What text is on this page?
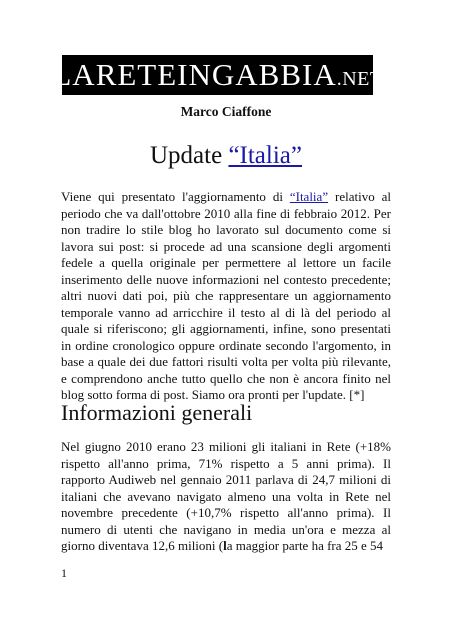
LARETEINGABBIA .NET
Marco Ciaffone
Update “Italia”

Viene qui presentato l'aggiornamento di “Italia” relativo al periodo che va dall'ottobre 2010 alla fine di febbraio 2012. Per non tradire lo stile blog ho lavorato sul documento come si lavora sui post: si procede ad una scansione degli argomenti fedele a quella originale per permettere al lettore un facile inserimento delle nuove informazioni nel contesto precedente; altri nuovi dati poi, più che rappresentare un aggiornamento temporale vanno ad arricchire il testo al di là del periodo al quale si riferiscono; gli aggiornamenti, infine, sono presentati in ordine cronologico oppure ordinate secondo l'argomento, in base a quale dei due fattori risulti volta per volta più rilevante, e comprendono anche tutto quello che non è ancora finito nel blog sotto forma di post. Siamo ora pronti per l'update. [*]

Informazioni generali

Nel giugno 2010 erano 23 milioni gli italiani in Rete (+18% rispetto all'anno prima, 71% rispetto a 5 anni prima). Il rapporto Audiweb nel gennaio 2011 parlava di 24,7 milioni di italiani che avevano navigato almeno una volta in Rete nel novembre precedente (+10,7% rispetto all'anno prima). Il numero di utenti che navigano in media un'ora e mezza al giorno diventava 12,6 milioni (la maggior parte ha fra 25 e 54

1
